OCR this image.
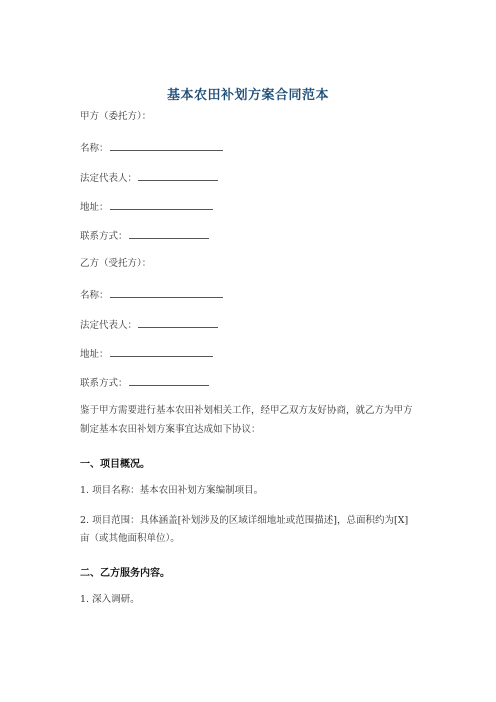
基本农田补划方案合同范本
甲方（委托方）：
名称：
法定代表人：
地址：
联系方式：
乙方（受托方）：
名称：
法定代表人：
地址：
联系方式：
鉴于甲方需要进行基本农田补划相关工作，经甲乙双方友好协商，就乙方为甲方
制定基本农田补划方案事宜达成如下协议：
一、项目概况。
1. 项目名称：基本农田补划方案编制项目。
2. 项目范围：具体涵盖[补划涉及的区域详细地址或范围描述]，总面积约为[X]
亩（或其他面积单位）。
二、乙方服务内容。
1. 深入调研。
